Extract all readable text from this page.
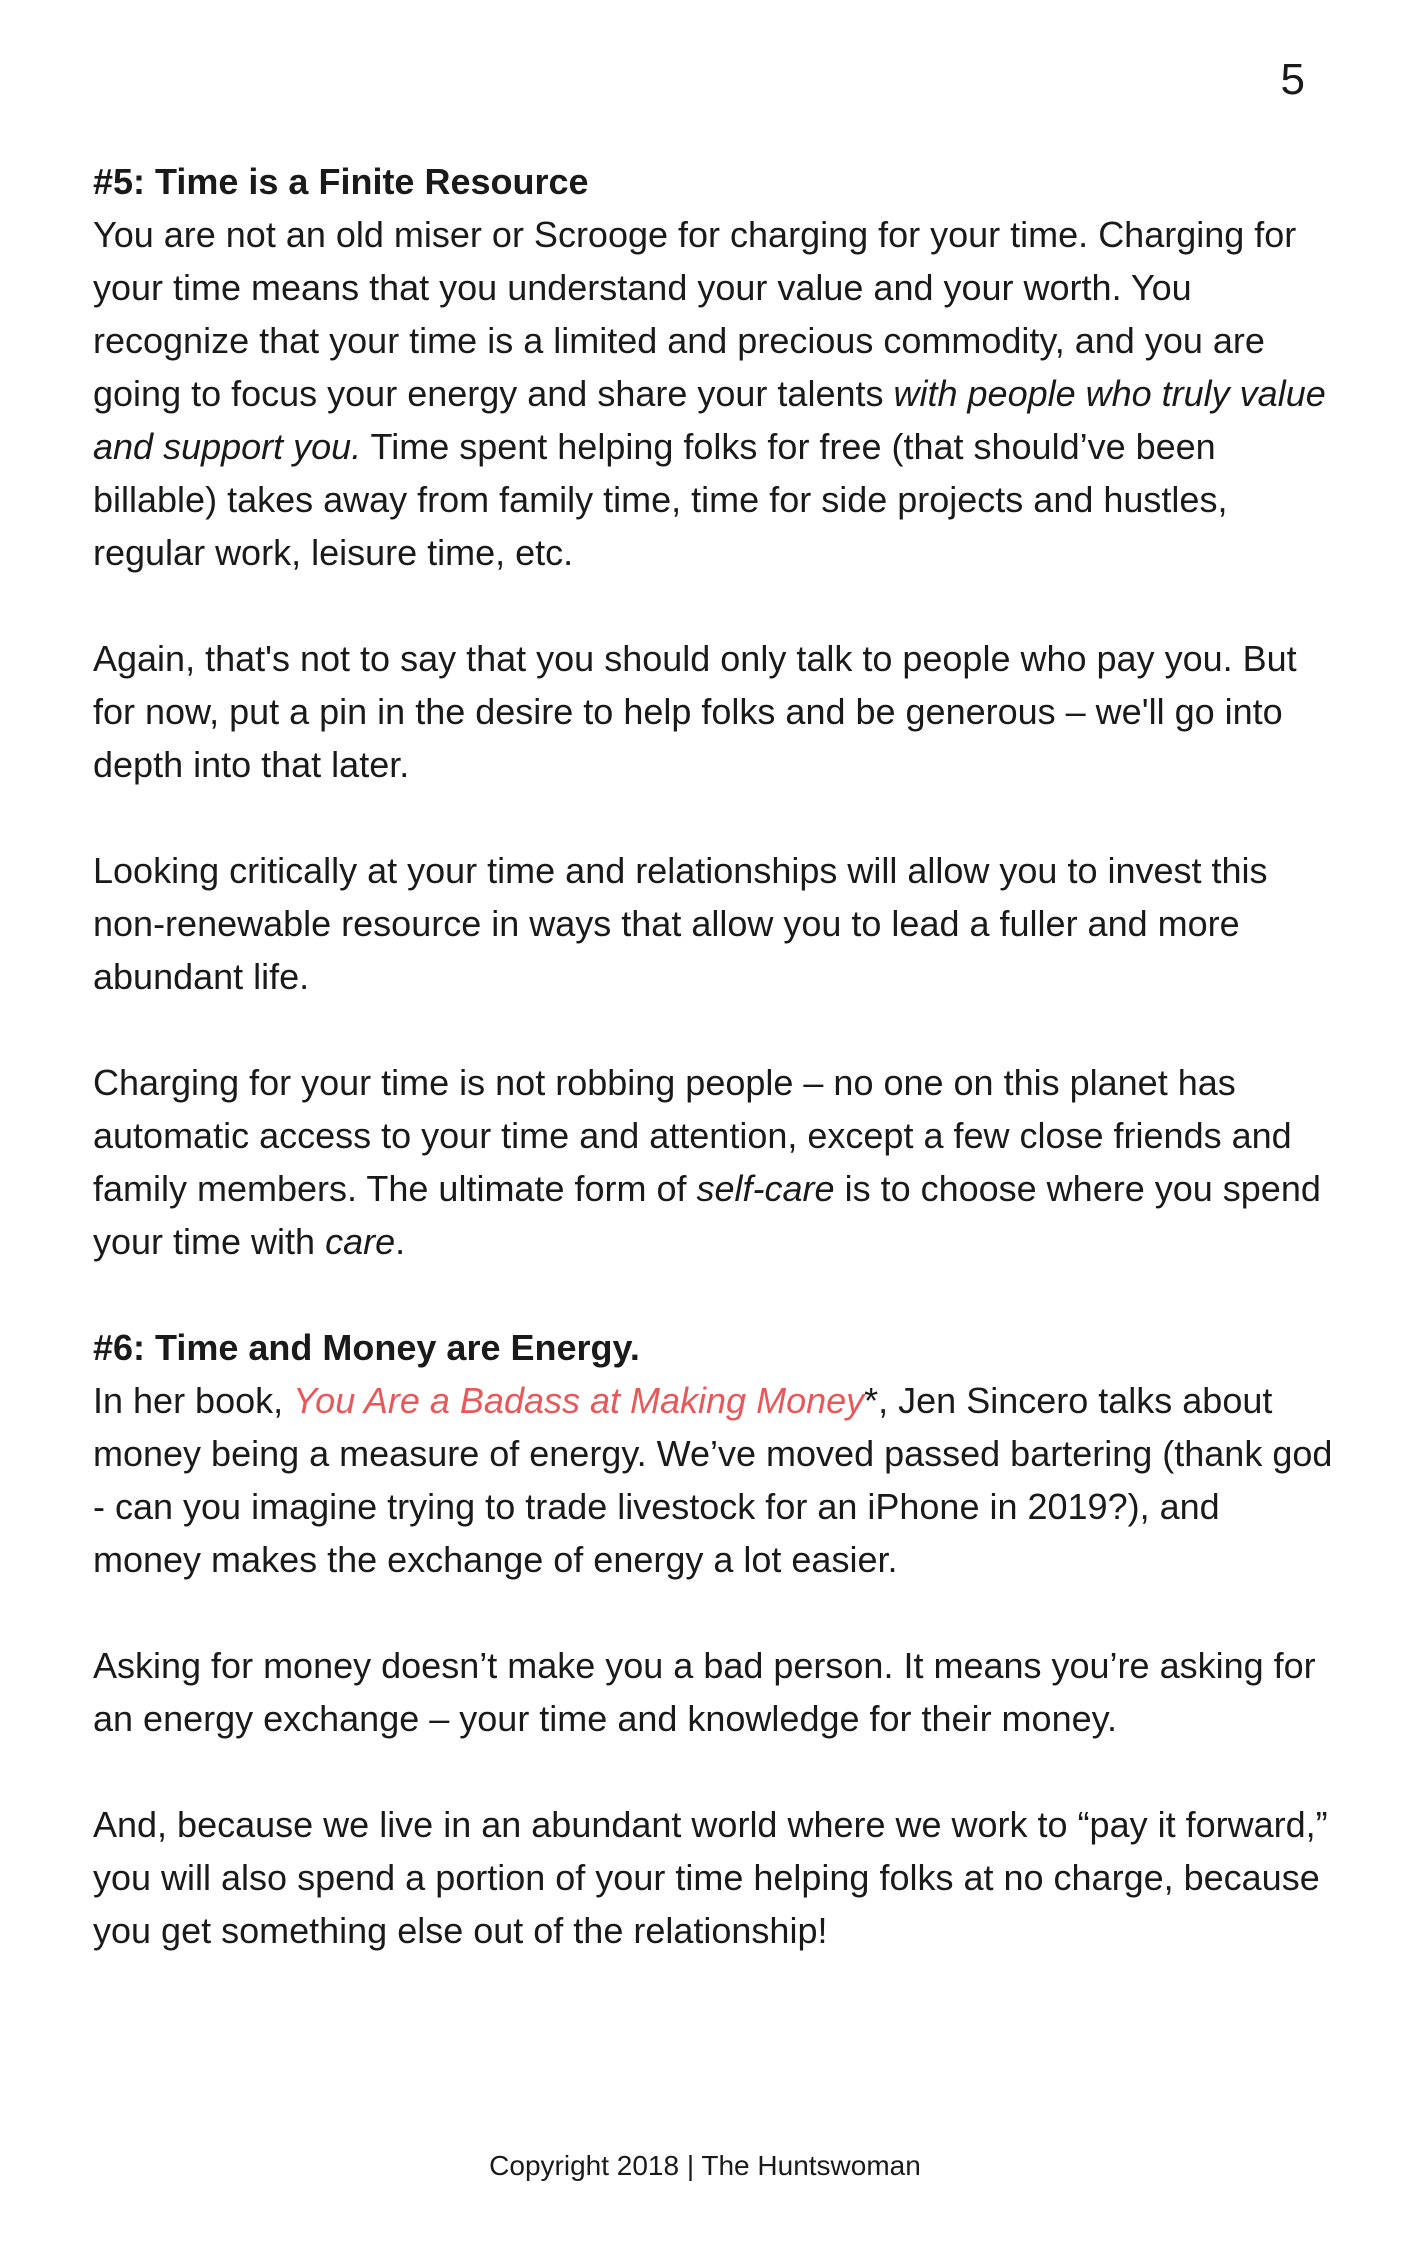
5
#5: Time is a Finite Resource

You are not an old miser or Scrooge for charging for your time. Charging for your time means that you understand your value and your worth. You recognize that your time is a limited and precious commodity, and you are going to focus your energy and share your talents with people who truly value and support you. Time spent helping folks for free (that should’ve been billable) takes away from family time, time for side projects and hustles, regular work, leisure time, etc.

Again, that's not to say that you should only talk to people who pay you. But for now, put a pin in the desire to help folks and be generous – we'll go into depth into that later.

Looking critically at your time and relationships will allow you to invest this non-renewable resource in ways that allow you to lead a fuller and more abundant life.

Charging for your time is not robbing people – no one on this planet has automatic access to your time and attention, except a few close friends and family members. The ultimate form of self-care is to choose where you spend your time with care.

#6: Time and Money are Energy.

In her book, You Are a Badass at Making Money*, Jen Sincero talks about money being a measure of energy. We’ve moved passed bartering (thank god - can you imagine trying to trade livestock for an iPhone in 2019?), and money makes the exchange of energy a lot easier.

Asking for money doesn’t make you a bad person. It means you’re asking for an energy exchange – your time and knowledge for their money.

And, because we live in an abundant world where we work to “pay it forward,” you will also spend a portion of your time helping folks at no charge, because you get something else out of the relationship!

Copyright 2018 | The Huntswoman
